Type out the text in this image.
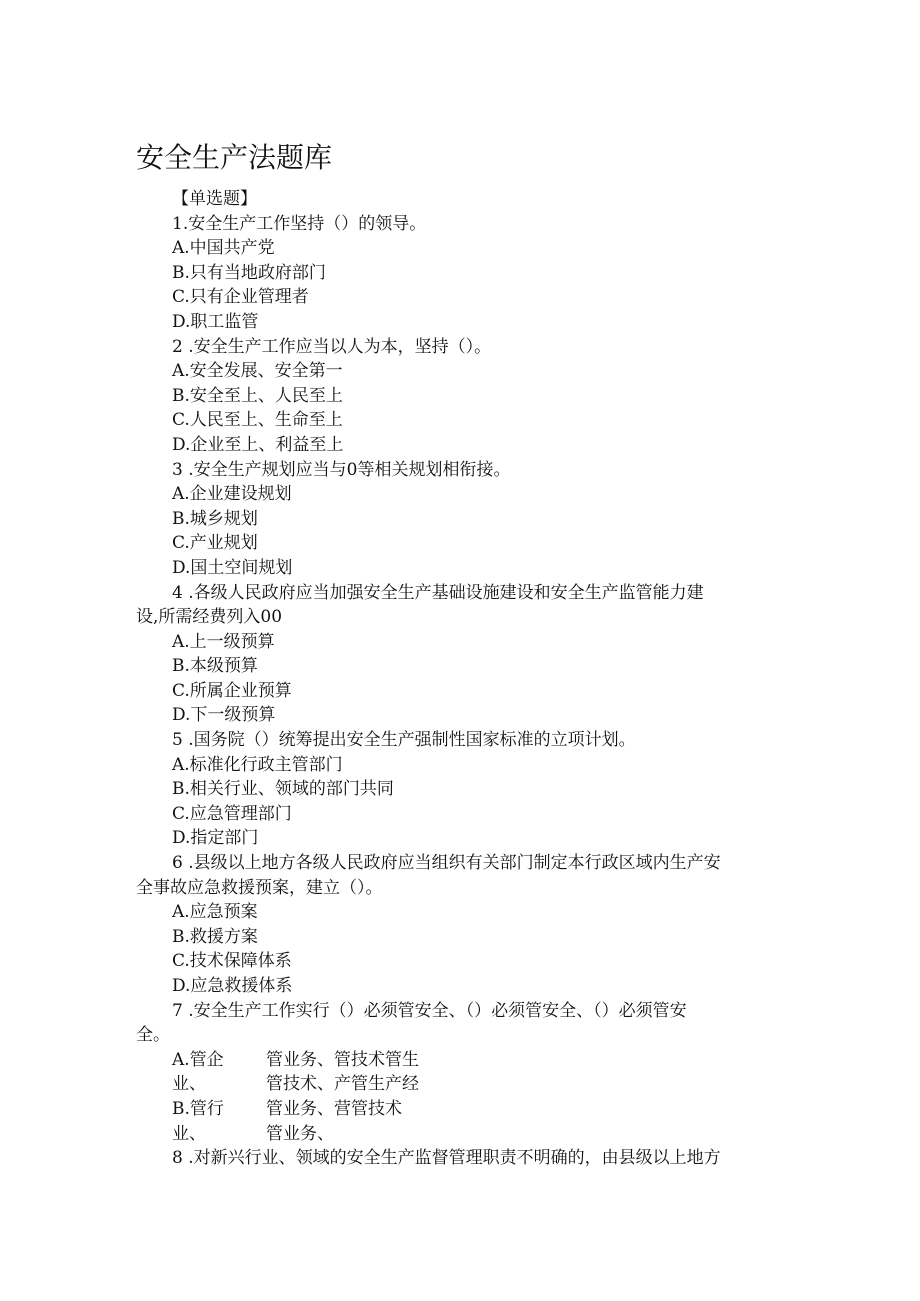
安全生产法题库
【单选题】
1.安全生产工作坚持（）的领导。
A.中国共产党
B.只有当地政府部门
C.只有企业管理者
D.职工监管
2 .安全生产工作应当以人为本，坚持（）。
A.安全发展、安全第一
B.安全至上、人民至上
C.人民至上、生命至上
D.企业至上、利益至上
3 .安全生产规划应当与0等相关规划相衔接。
A.企业建设规划
B.城乡规划
C.产业规划
D.国土空间规划
4 .各级人民政府应当加强安全生产基础设施建设和安全生产监管能力建
设,所需经费列入00
A.上一级预算
B.本级预算
C.所属企业预算
D.下一级预算
5 .国务院（）统筹提出安全生产强制性国家标准的立项计划。
A.标准化行政主管部门
B.相关行业、领域的部门共同
C.应急管理部门
D.指定部门
6 .县级以上地方各级人民政府应当组织有关部门制定本行政区域内生产安
全事故应急救援预案，建立（）。
A.应急预案
B.救援方案
C.技术保障体系
D.应急救援体系
7 .安全生产工作实行（）必须管安全、（）必须管安全、（）必须管安
全。
A.管企	管业务、管技术管生
业、	管技术、产管生产经
B.管行	管业务、营管技术
业、	管业务、
8 .对新兴行业、领域的安全生产监督管理职责不明确的，由县级以上地方
